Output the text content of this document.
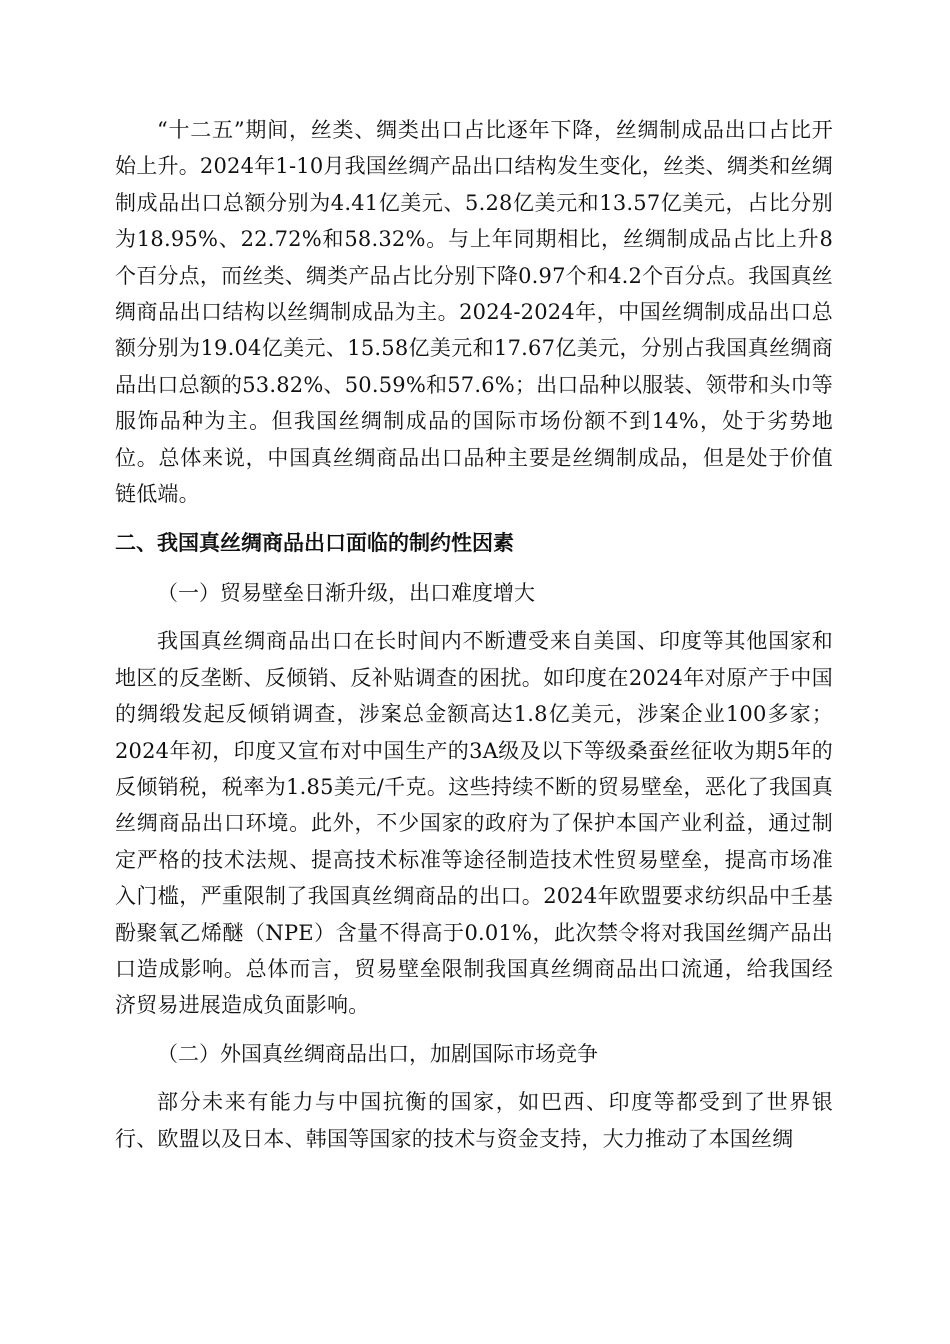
“十二五”期间，丝类、绸类出口占比逐年下降，丝绸制成品出口占比开始上升。2024年1-10月我国丝绸产品出口结构发生变化，丝类、绸类和丝绸制成品出口总额分别为4.41亿美元、5.28亿美元和13.57亿美元，占比分别为18.95%、22.72%和58.32%。与上年同期相比，丝绸制成品占比上升8个百分点，而丝类、绸类产品占比分别下降0.97个和4.2个百分点。我国真丝绸商品出口结构以丝绸制成品为主。2024-2024年，中国丝绸制成品出口总额分别为19.04亿美元、15.58亿美元和17.67亿美元，分别占我国真丝绸商品出口总额的53.82%、50.59%和57.6%；出口品种以服装、领带和头巾等服饰品种为主。但我国丝绸制成品的国际市场份额不到14%，处于劣势地位。总体来说，中国真丝绸商品出口品种主要是丝绸制成品，但是处于价值链低端。

二、我国真丝绸商品出口面临的制约性因素

（一）贸易壁垒日渐升级，出口难度增大

我国真丝绸商品出口在长时间内不断遭受来自美国、印度等其他国家和地区的反垄断、反倾销、反补贴调查的困扰。如印度在2024年对原产于中国的绸缎发起反倾销调查，涉案总金额高达1.8亿美元，涉案企业100多家；2024年初，印度又宣布对中国生产的3A级及以下等级桑蚕丝征收为期5年的反倾销税，税率为1.85美元/千克。这些持续不断的贸易壁垒，恶化了我国真丝绸商品出口环境。此外，不少国家的政府为了保护本国产业利益，通过制定严格的技术法规、提高技术标准等途径制造技术性贸易壁垒，提高市场准入门槛，严重限制了我国真丝绸商品的出口。2024年欧盟要求纺织品中壬基酚聚氧乙烯醚（NPE）含量不得高于0.01%，此次禁令将对我国丝绸产品出口造成影响。总体而言，贸易壁垒限制我国真丝绸商品出口流通，给我国经济贸易进展造成负面影响。

（二）外国真丝绸商品出口，加剧国际市场竞争

部分未来有能力与中国抗衡的国家，如巴西、印度等都受到了世界银行、欧盟以及日本、韩国等国家的技术与资金支持，大力推动了本国丝绸
